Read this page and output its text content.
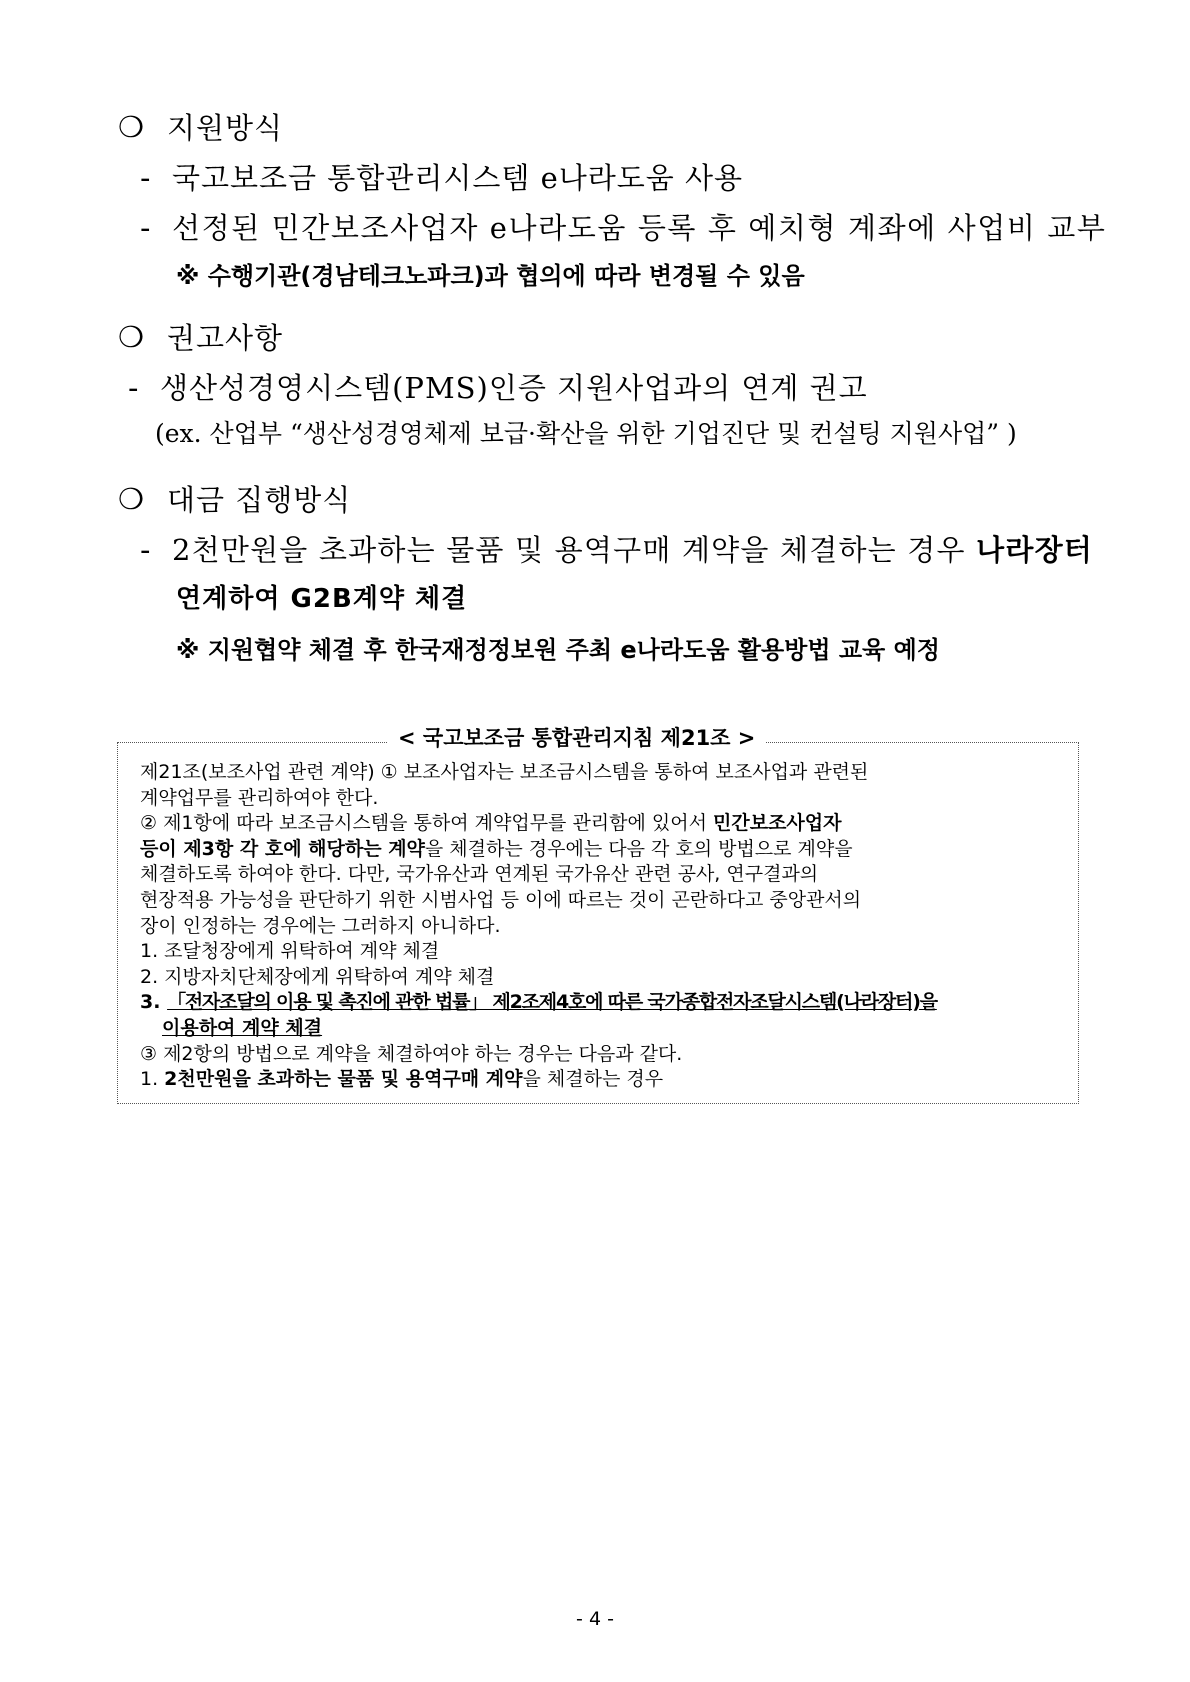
❍ 지원방식
- 국고보조금 통합관리시스템 e나라도움 사용
- 선정된 민간보조사업자 e나라도움 등록 후 예치형 계좌에 사업비 교부
※ 수행기관(경남테크노파크)과 협의에 따라 변경될 수 있음
❍ 권고사항
- 생산성경영시스템(PMS)인증 지원사업과의 연계 권고
(ex. 산업부 “생산성경영체제 보급·확산을 위한 기업진단 및 컨설팅 지원사업” )
❍ 대금 집행방식
- 2천만원을 초과하는 물품 및 용역구매 계약을 체결하는 경우 나라장터
연계하여 G2B계약 체결
※ 지원협약 체결 후 한국재정정보원 주최 e나라도움 활용방법 교육 예정
< 국고보조금 통합관리지침 제21조 >
제21조(보조사업 관련 계약) ① 보조사업자는 보조금시스템을 통하여 보조사업과 관련된
계약업무를 관리하여야 한다.
② 제1항에 따라 보조금시스템을 통하여 계약업무를 관리함에 있어서 민간보조사업자
등이 제3항 각 호에 해당하는 계약을 체결하는 경우에는 다음 각 호의 방법으로 계약을
체결하도록 하여야 한다. 다만, 국가유산과 연계된 국가유산 관련 공사, 연구결과의
현장적용 가능성을 판단하기 위한 시범사업 등 이에 따르는 것이 곤란하다고 중앙관서의
장이 인정하는 경우에는 그러하지 아니하다.
1. 조달청장에게 위탁하여 계약 체결
2. 지방자치단체장에게 위탁하여 계약 체결
3. 「전자조달의 이용 및 촉진에 관한 법률」 제2조제4호에 따른 국가종합전자조달시스템(나라장터)을
이용하여 계약 체결
③ 제2항의 방법으로 계약을 체결하여야 하는 경우는 다음과 같다.
1. 2천만원을 초과하는 물품 및 용역구매 계약을 체결하는 경우
- 4 -
